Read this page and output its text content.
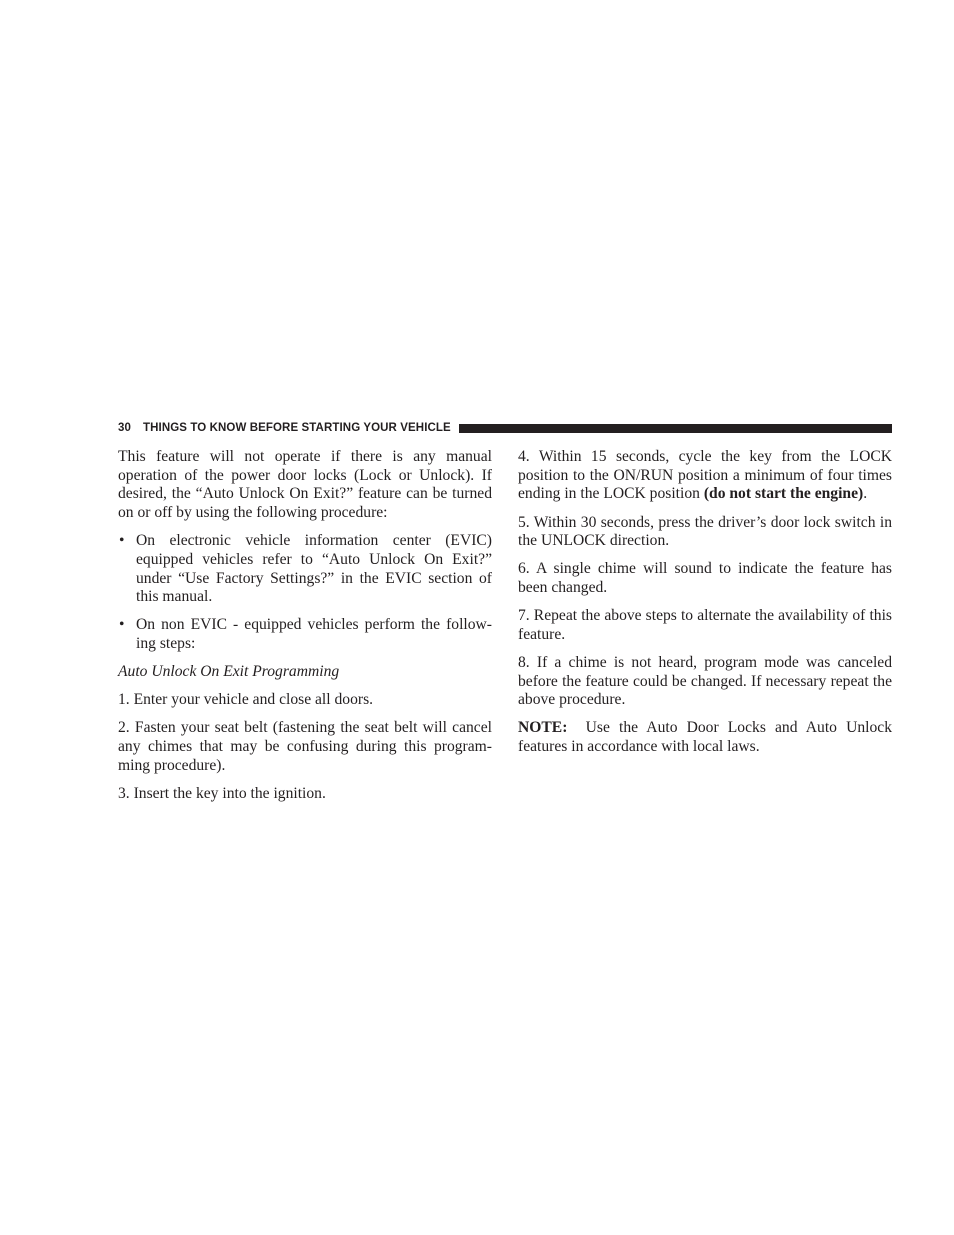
30 THINGS TO KNOW BEFORE STARTING YOUR VEHICLE

This feature will not operate if there is any manual operation of the power door locks (Lock or Unlock). If desired, the “Auto Unlock On Exit?” feature can be turned on or off by using the following procedure:

• On electronic vehicle information center (EVIC) equipped vehicles refer to “Auto Unlock On Exit?” under “Use Factory Settings?” in the EVIC section of this manual.
• On non EVIC - equipped vehicles perform the follow-ing steps:

Auto Unlock On Exit Programming

1. Enter your vehicle and close all doors.

2. Fasten your seat belt (fastening the seat belt will cancel any chimes that may be confusing during this program-ming procedure).

3. Insert the key into the ignition.

4. Within 15 seconds, cycle the key from the LOCK position to the ON/RUN position a minimum of four times ending in the LOCK position (do not start the engine).

5. Within 30 seconds, press the driver’s door lock switch in the UNLOCK direction.

6. A single chime will sound to indicate the feature has been changed.

7. Repeat the above steps to alternate the availability of this feature.

8. If a chime is not heard, program mode was canceled before the feature could be changed. If necessary repeat the above procedure.

NOTE:  Use the Auto Door Locks and Auto Unlock features in accordance with local laws.
